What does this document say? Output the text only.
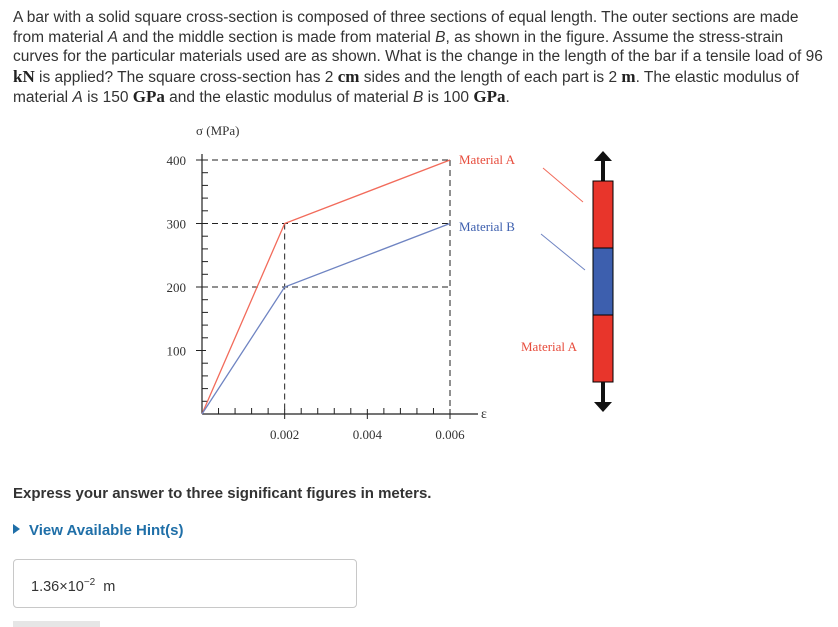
A bar with a solid square cross-section is composed of three sections of equal length. The outer sections are made from material A and the middle section is made from material B, as shown in the figure. Assume the stress-strain curves for the particular materials used are as shown. What is the change in the length of the bar if a tensile load of 96 kN is applied? The square cross-section has 2 cm sides and the length of each part is 2 m. The elastic modulus of material A is 150 GPa and the elastic modulus of material B is 100 GPa.
100
200
300
400
0.002	0.004	0.006
σ (MPa)
ε
Material A
Material B
Material A
Express your answer to three significant figures in meters.
View Available Hint(s)
$1.36\times 10^{-2}$ m
